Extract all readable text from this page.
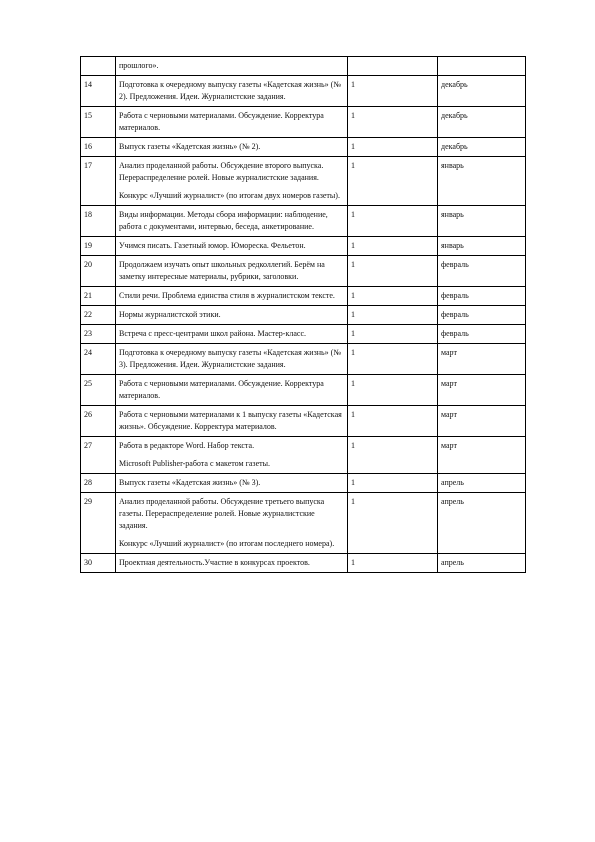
	прошлого».		

14	Подготовка к очередному выпуску газеты «Кадетская жизнь» (№ 2). Предложения. Идеи. Журналистские задания.	1	декабрь
15	Работа с черновыми материалами. Обсуждение. Корректура материалов.	1	декабрь
16	Выпуск газеты «Кадетская жизнь» (№ 2).	1	декабрь
17	Анализ проделанной работы. Обсуждение второго выпуска. Перераспределение ролей. Новые журналистские задания.
Конкурс «Лучший журналист» (по итогам двух номеров газеты).	1	январь
18	Виды информации. Методы сбора информации: наблюдение, работа с документами, интервью, беседа, анкетирование.	1	январь
19	Учимся писать. Газетный юмор. Юмореска. Фельетон.	1	январь
20	Продолжаем изучать опыт школьных редколлегий. Берём на заметку интересные материалы, рубрики, заголовки.	1	февраль
21	Стили речи. Проблема единства стиля в журналистском тексте.	1	февраль
22	Нормы журналистской этики.	1	февраль
23	Встреча с пресс-центрами школ района. Мастер-класс.	1	февраль
24	Подготовка к очередному выпуску газеты «Кадетская жизнь» (№ 3). Предложения. Идеи. Журналистские задания.	1	март
25	Работа с черновыми материалами. Обсуждение. Корректура материалов.	1	март
26	Работа с черновыми материалами к 1 выпуску газеты «Кадетская жизнь». Обсуждение. Корректура материалов.	1	март
27	Работа в редакторе Word. Набор текста.
Microsoft Publisher-работа с макетом газеты.	1	март
28	Выпуск газеты «Кадетская жизнь» (№ 3).	1	апрель
29	Анализ проделанной работы. Обсуждение третьего выпуска газеты. Перераспределение ролей. Новые журналистские задания.
Конкурс «Лучший журналист» (по итогам последнего номера).	1	апрель
30	Проектная деятельность.Участие в конкурсах проектов.	1	апрель
